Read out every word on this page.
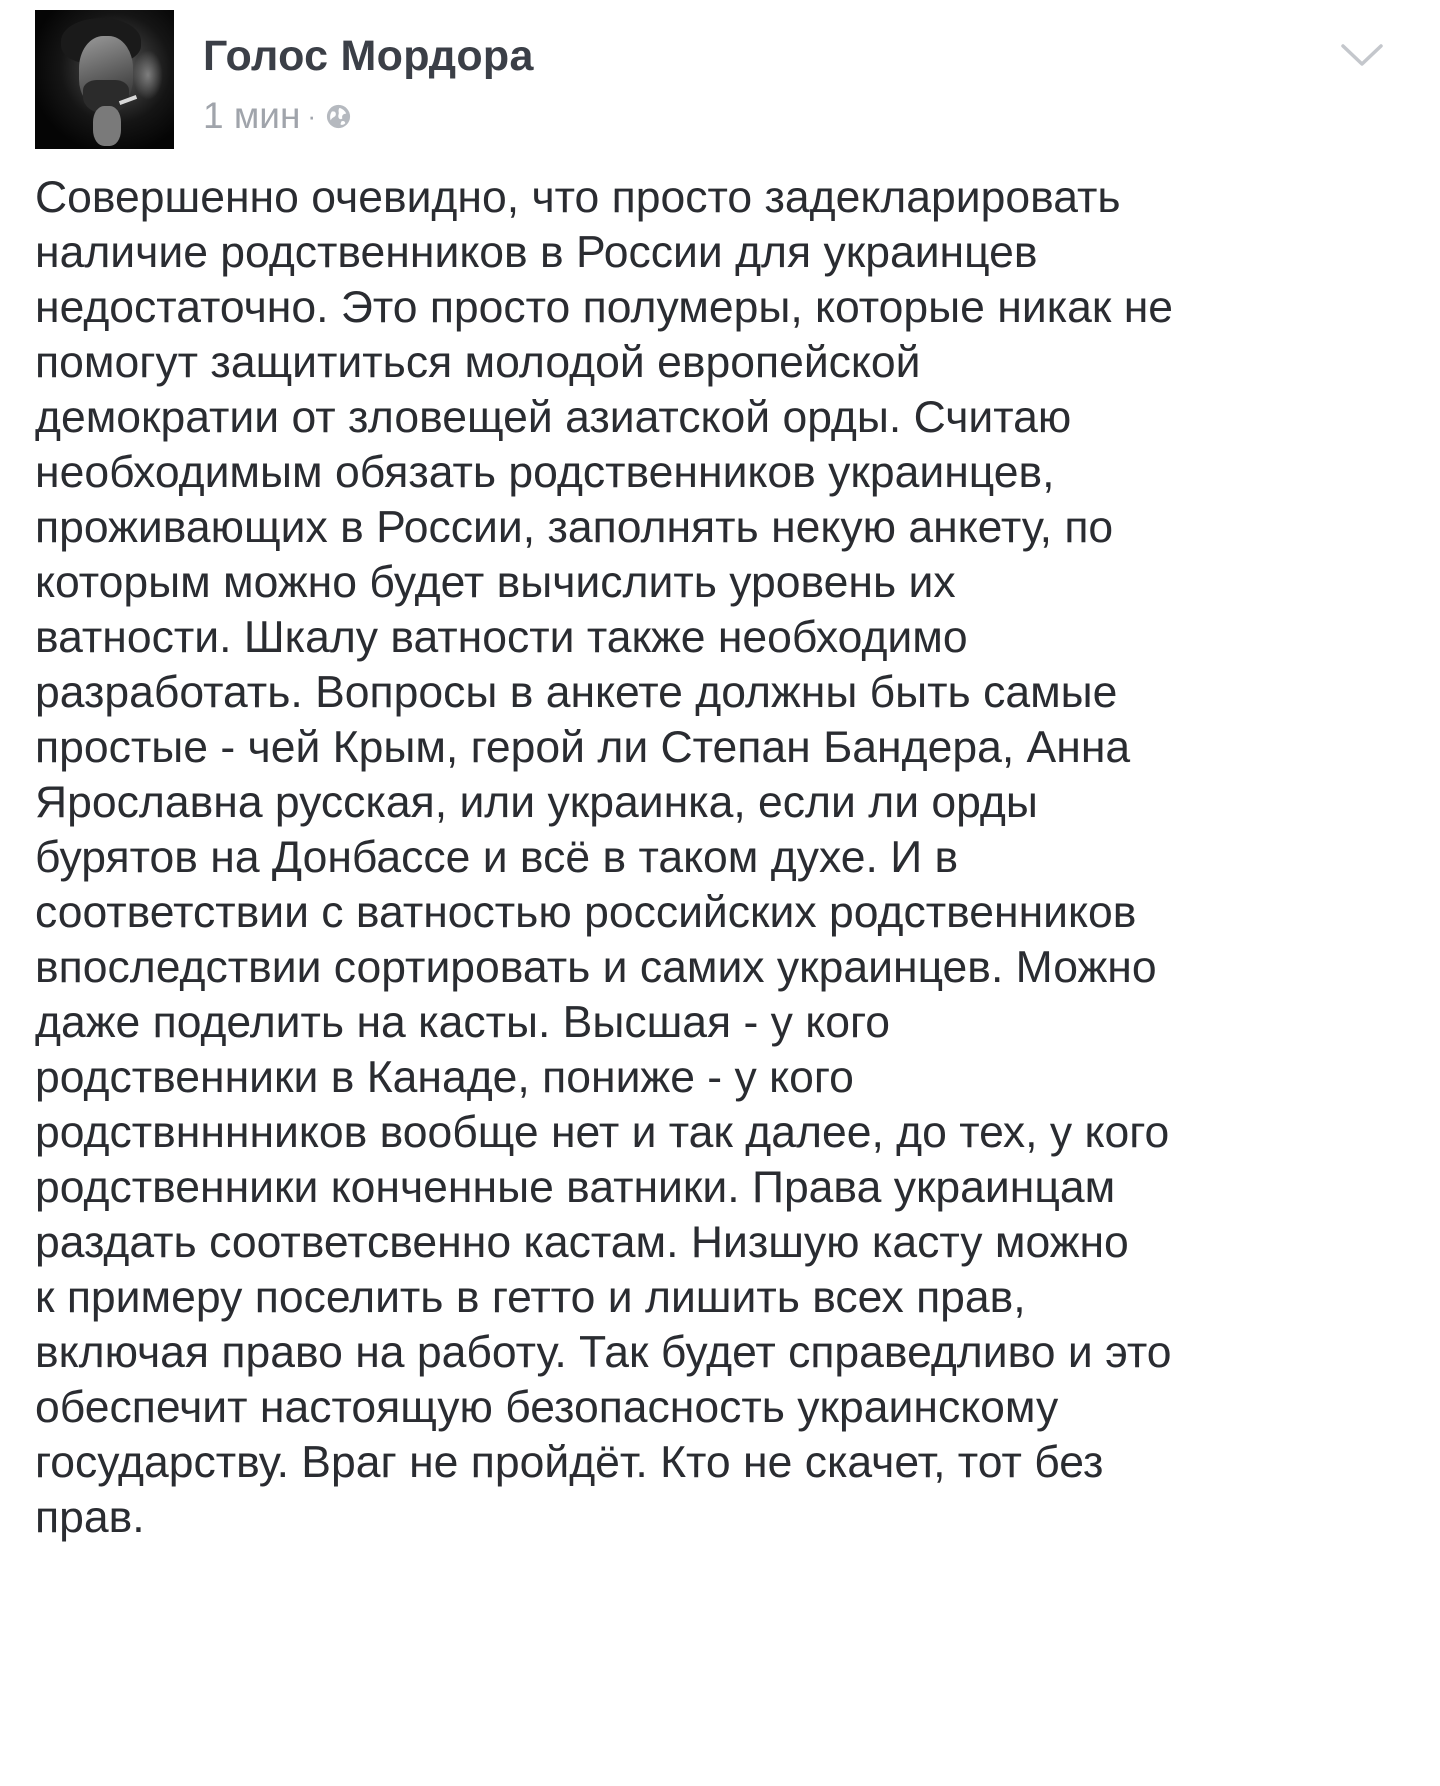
Голос Мордора
1 мин ·
Совершенно очевидно, что просто задекларировать
наличие родственников в России для украинцев
недостаточно. Это просто полумеры, которые никак не
помогут защититься молодой европейской
демократии от зловещей азиатской орды. Считаю
необходимым обязать родственников украинцев,
проживающих в России, заполнять некую анкету, по
которым можно будет вычислить уровень их
ватности. Шкалу ватности также необходимо
разработать. Вопросы в анкете должны быть самые
простые - чей Крым, герой ли Степан Бандера, Анна
Ярославна русская, или украинка, если ли орды
бурятов на Донбассе и всё в таком духе. И в
соответствии с ватностью российских родственников
впоследствии сортировать и самих украинцев. Можно
даже поделить на касты. Высшая - у кого
родственники в Канаде, пониже - у кого
родствнннников вообще нет и так далее, до тех, у кого
родственники конченные ватники. Права украинцам
раздать соответсвенно кастам. Низшую касту можно
к примеру поселить в гетто и лишить всех прав,
включая право на работу. Так будет справедливо и это
обеспечит настоящую безопасность украинскому
государству. Враг не пройдёт. Кто не скачет, тот без
прав.
